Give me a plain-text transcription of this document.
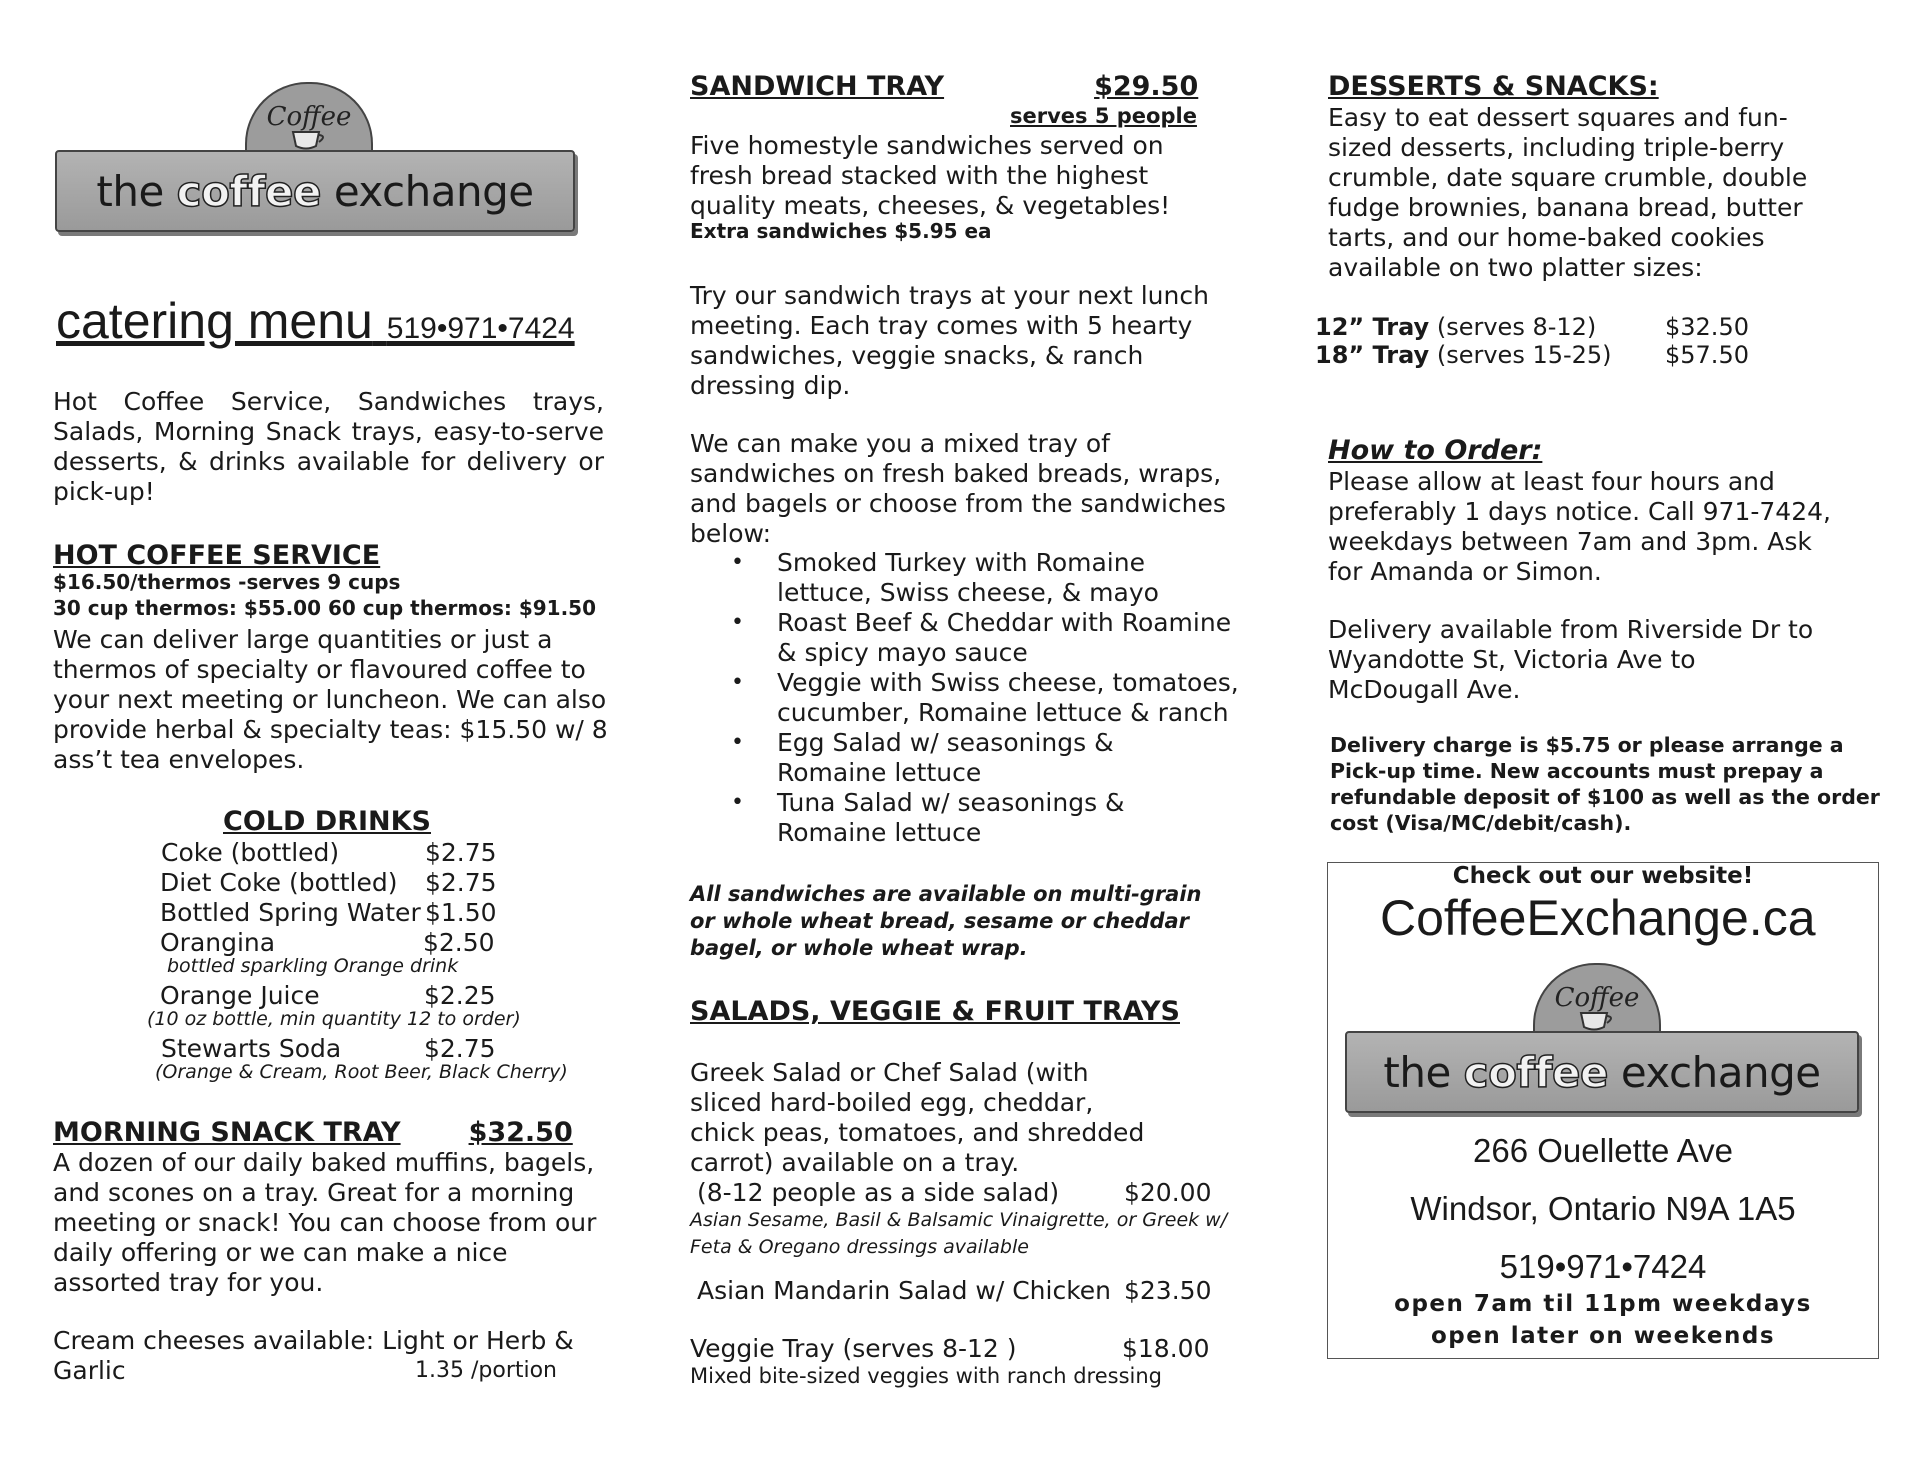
Coffee
the coffee exchange
catering menu 519•971•7424
Hot Coffee Service, Sandwiches trays, Salads, Morning Snack trays, easy-to-serve desserts, & drinks available for delivery or pick-up!
HOT COFFEE SERVICE
$16.50/thermos -serves 9 cups
30 cup thermos: $55.00 60 cup thermos: $91.50
We can deliver large quantities or just a thermos of specialty or flavoured coffee to your next meeting or luncheon. We can also provide herbal & specialty teas: $15.50 w/ 8 ass’t tea envelopes.
COLD DRINKS
Coke (bottled)	$2.75
Diet Coke (bottled) $2.75
Bottled Spring Water $1.50
Orangina	$2.50
bottled sparkling Orange drink
Orange Juice	$2.25
(10 oz bottle, min quantity 12 to order)
Stewarts Soda	$2.75
(Orange & Cream, Root Beer, Black Cherry)
MORNING SNACK TRAY	$32.50
A dozen of our daily baked muffins, bagels, and scones on a tray. Great for a morning meeting or snack! You can choose from our daily offering or we can make a nice assorted tray for you.
Cream cheeses available: Light or Herb & Garlic	1.35 /portion
SANDWICH TRAY	$29.50
serves 5 people
Five homestyle sandwiches served on fresh bread stacked with the highest quality meats, cheeses, & vegetables!
Extra sandwiches $5.95 ea
Try our sandwich trays at your next lunch meeting. Each tray comes with 5 hearty sandwiches, veggie snacks, & ranch dressing dip.
We can make you a mixed tray of sandwiches on fresh baked breads, wraps, and bagels or choose from the sandwiches below:
• Smoked Turkey with Romaine lettuce, Swiss cheese, & mayo
• Roast Beef & Cheddar with Roamine & spicy mayo sauce
• Veggie with Swiss cheese, tomatoes, cucumber, Romaine lettuce & ranch
• Egg Salad w/ seasonings & Romaine lettuce
• Tuna Salad w/ seasonings & Romaine lettuce
All sandwiches are available on multi-grain or whole wheat bread, sesame or cheddar bagel, or whole wheat wrap.
SALADS, VEGGIE & FRUIT TRAYS
Greek Salad or Chef Salad (with sliced hard-boiled egg, cheddar, chick peas, tomatoes, and shredded carrot) available on a tray.
(8-12 people as a side salad)	$20.00
Asian Sesame, Basil & Balsamic Vinaigrette, or Greek w/ Feta & Oregano dressings available
Asian Mandarin Salad w/ Chicken $23.50
Veggie Tray (serves 8-12 )	$18.00
Mixed bite-sized veggies with ranch dressing
DESSERTS & SNACKS:
Easy to eat dessert squares and fun-sized desserts, including triple-berry crumble, date square crumble, double fudge brownies, banana bread, butter tarts, and our home-baked cookies available on two platter sizes:
12” Tray (serves 8-12)	$32.50
18” Tray (serves 15-25) $57.50
How to Order:
Please allow at least four hours and preferably 1 days notice. Call 971-7424, weekdays between 7am and 3pm. Ask for Amanda or Simon.
Delivery available from Riverside Dr to Wyandotte St, Victoria Ave to McDougall Ave.
Delivery charge is $5.75 or please arrange a Pick-up time. New accounts must prepay a refundable deposit of $100 as well as the order cost (Visa/MC/debit/cash).
Check out our website!
CoffeeExchange.ca
Coffee
the coffee exchange
266 Ouellette Ave
Windsor, Ontario N9A 1A5
519•971•7424
open 7am til 11pm weekdays
open later on weekends
